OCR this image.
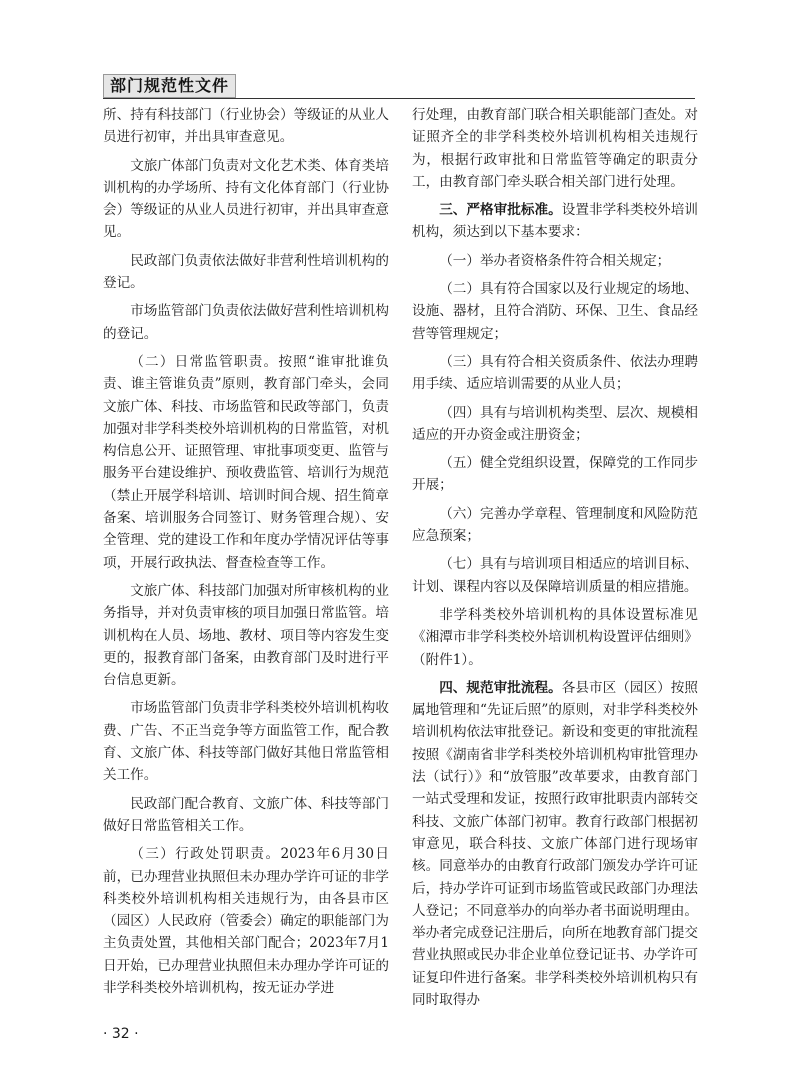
部门规范性文件

所、持有科技部门（行业协会）等级证的从业人员进行初审，并出具审查意见。

文旅广体部门负责对文化艺术类、体育类培训机构的办学场所、持有文化体育部门（行业协会）等级证的从业人员进行初审，并出具审查意见。

民政部门负责依法做好非营利性培训机构的登记。

市场监管部门负责依法做好营利性培训机构的登记。

（二）日常监管职责。按照“谁审批谁负责、谁主管谁负责”原则，教育部门牵头，会同文旅广体、科技、市场监管和民政等部门，负责加强对非学科类校外培训机构的日常监管，对机构信息公开、证照管理、审批事项变更、监管与服务平台建设维护、预收费监管、培训行为规范（禁止开展学科培训、培训时间合规、招生简章备案、培训服务合同签订、财务管理合规）、安全管理、党的建设工作和年度办学情况评估等事项，开展行政执法、督查检查等工作。

文旅广体、科技部门加强对所审核机构的业务指导，并对负责审核的项目加强日常监管。培训机构在人员、场地、教材、项目等内容发生变更的，报教育部门备案，由教育部门及时进行平台信息更新。

市场监管部门负责非学科类校外培训机构收费、广告、不正当竞争等方面监管工作，配合教育、文旅广体、科技等部门做好其他日常监管相关工作。

民政部门配合教育、文旅广体、科技等部门做好日常监管相关工作。

（三）行政处罚职责。2023年6月30日前，已办理营业执照但未办理办学许可证的非学科类校外培训机构相关违规行为，由各县市区（园区）人民政府（管委会）确定的职能部门为主负责处置，其他相关部门配合；2023年7月1日开始，已办理营业执照但未办理办学许可证的非学科类校外培训机构，按无证办学进

行处理，由教育部门联合相关职能部门查处。对证照齐全的非学科类校外培训机构相关违规行为，根据行政审批和日常监管等确定的职责分工，由教育部门牵头联合相关部门进行处理。

三、严格审批标准。设置非学科类校外培训机构，须达到以下基本要求：

（一）举办者资格条件符合相关规定；

（二）具有符合国家以及行业规定的场地、设施、器材，且符合消防、环保、卫生、食品经营等管理规定；

（三）具有符合相关资质条件、依法办理聘用手续、适应培训需要的从业人员；

（四）具有与培训机构类型、层次、规模相适应的开办资金或注册资金；

（五）健全党组织设置，保障党的工作同步开展；

（六）完善办学章程、管理制度和风险防范应急预案；

（七）具有与培训项目相适应的培训目标、计划、课程内容以及保障培训质量的相应措施。

非学科类校外培训机构的具体设置标准见《湘潭市非学科类校外培训机构设置评估细则》（附件1）。

四、规范审批流程。各县市区（园区）按照属地管理和“先证后照”的原则，对非学科类校外培训机构依法审批登记。新设和变更的审批流程按照《湖南省非学科类校外培训机构审批管理办法（试行）》和“放管服”改革要求，由教育部门一站式受理和发证，按照行政审批职责内部转交科技、文旅广体部门初审。教育行政部门根据初审意见，联合科技、文旅广体部门进行现场审核。同意举办的由教育行政部门颁发办学许可证后，持办学许可证到市场监管或民政部门办理法人登记；不同意举办的向举办者书面说明理由。举办者完成登记注册后，向所在地教育部门提交营业执照或民办非企业单位登记证书、办学许可证复印件进行备案。非学科类校外培训机构只有同时取得办

· 32 ·
